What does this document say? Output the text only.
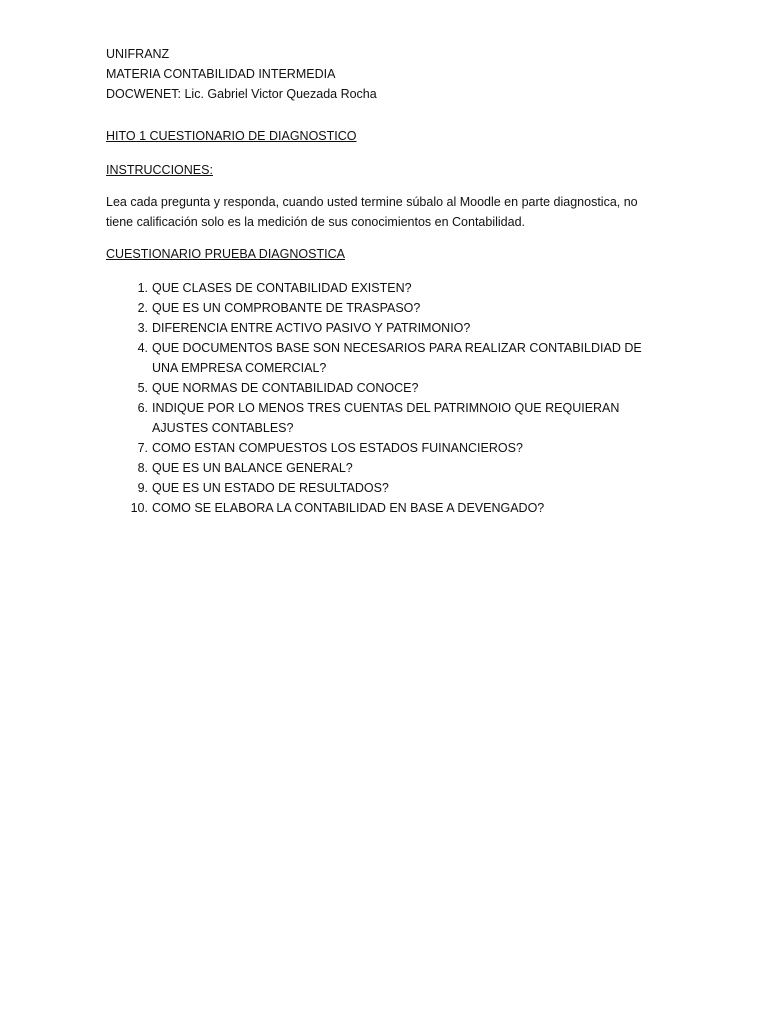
UNIFRANZ
MATERIA CONTABILIDAD INTERMEDIA
DOCWENET: Lic. Gabriel Victor Quezada Rocha
HITO 1 CUESTIONARIO DE DIAGNOSTICO
INSTRUCCIONES:
Lea cada pregunta y responda, cuando usted termine súbalo al Moodle en parte diagnostica, no tiene calificación solo es la medición de sus conocimientos en Contabilidad.
CUESTIONARIO PRUEBA DIAGNOSTICA
1. QUE CLASES DE CONTABILIDAD EXISTEN?
2. QUE ES UN COMPROBANTE DE TRASPASO?
3. DIFERENCIA ENTRE ACTIVO PASIVO Y PATRIMONIO?
4. QUE DOCUMENTOS BASE SON NECESARIOS PARA REALIZAR CONTABILDIAD DE UNA EMPRESA COMERCIAL?
5. QUE NORMAS DE CONTABILIDAD CONOCE?
6. INDIQUE POR LO MENOS TRES CUENTAS DEL PATRIMNOIO QUE REQUIERAN AJUSTES CONTABLES?
7. COMO ESTAN COMPUESTOS LOS ESTADOS FUINANCIEROS?
8. QUE ES UN BALANCE GENERAL?
9. QUE ES UN ESTADO DE RESULTADOS?
10. COMO SE ELABORA LA CONTABILIDAD EN BASE A DEVENGADO?
